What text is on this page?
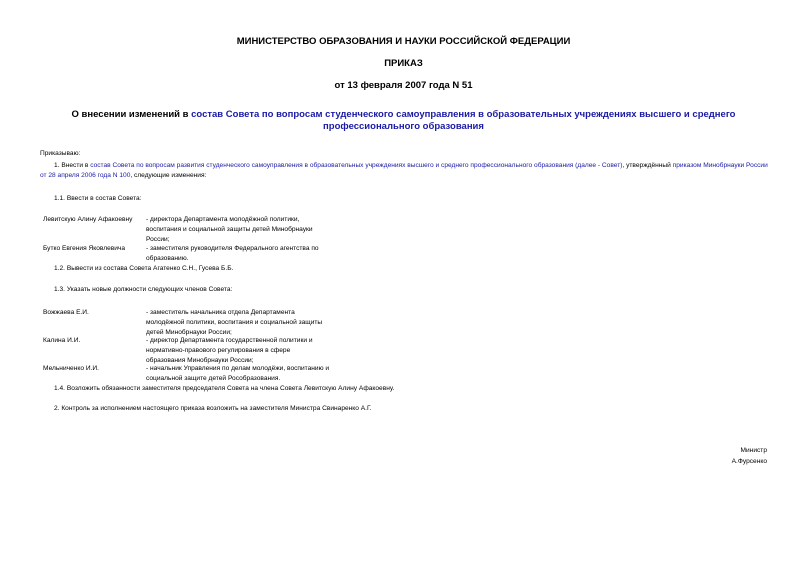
МИНИСТЕРСТВО ОБРАЗОВАНИЯ И НАУКИ РОССИЙСКОЙ ФЕДЕРАЦИИ
ПРИКАЗ
от 13 февраля 2007 года N 51
О внесении изменений в состав Совета по вопросам студенческого самоуправления в образовательных учреждениях высшего и среднего профессионального образования
Приказываю:
1. Внести в состав Совета по вопросам развития студенческого самоуправления в образовательных учреждениях высшего и среднего профессионального образования (далее - Совет), утверждённый приказом Минобрнауки России от 28 апреля 2006 года N 100, следующие изменения:
1.1. Ввести в состав Совета:
Левитскую Алину Афакоевну - директора Департамента молодёжной политики, воспитания и социальной защиты детей Минобрнауки России;
Бутко Евгения Яковлевича	- заместителя руководителя Федерального агентства по образованию.
1.2. Вывести из состава Совета Агатенко С.Н., Гусева Б.Б.
1.3. Указать новые должности следующих членов Совета:
Вожжаева Е.И.	- заместитель начальника отдела Департамента молодёжной политики, воспитания и социальной защиты детей Минобрнауки России;
Калина И.И.	- директор Департамента государственной политики и нормативно-правового регулирования в сфере образования Минобрнауки России;
Мельниченко И.И.	- начальник Управления по делам молодёжи, воспитанию и социальной защите детей Рособразования.
1.4. Возложить обязанности заместителя председателя Совета на члена Совета Левитскую Алину Афакоевну.
2. Контроль за исполнением настоящего приказа возложить на заместителя Министра Свинаренко А.Г.
Министр
А.Фурсенко
